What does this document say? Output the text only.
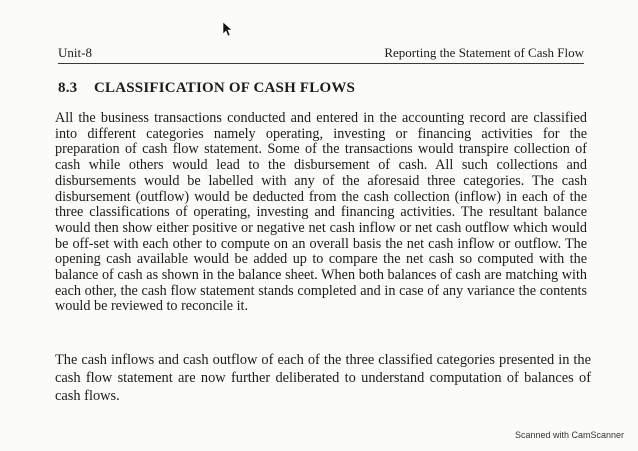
Unit-8	Reporting the Statement of Cash Flow
8.3 CLASSIFICATION OF CASH FLOWS

All the business transactions conducted and entered in the accounting record are classified into different categories namely operating, investing or financing activities for the preparation of cash flow statement. Some of the transactions would transpire collection of cash while others would lead to the disbursement of cash. All such collections and disbursements would be labelled with any of the aforesaid three categories. The cash disbursement (outflow) would be deducted from the cash collection (inflow) in each of the three classifications of operating, investing and financing activities. The resultant balance would then show either positive or negative net cash inflow or net cash outflow which would be off-set with each other to compute on an overall basis the net cash inflow or outflow. The opening cash available would be added up to compare the net cash so computed with the balance of cash as shown in the balance sheet. When both balances of cash are matching with each other, the cash flow statement stands completed and in case of any variance the contents would be reviewed to reconcile it.

The cash inflows and cash outflow of each of the three classified categories presented in the cash flow statement are now further deliberated to understand computation of balances of cash flows.

Scanned with CamScanner
